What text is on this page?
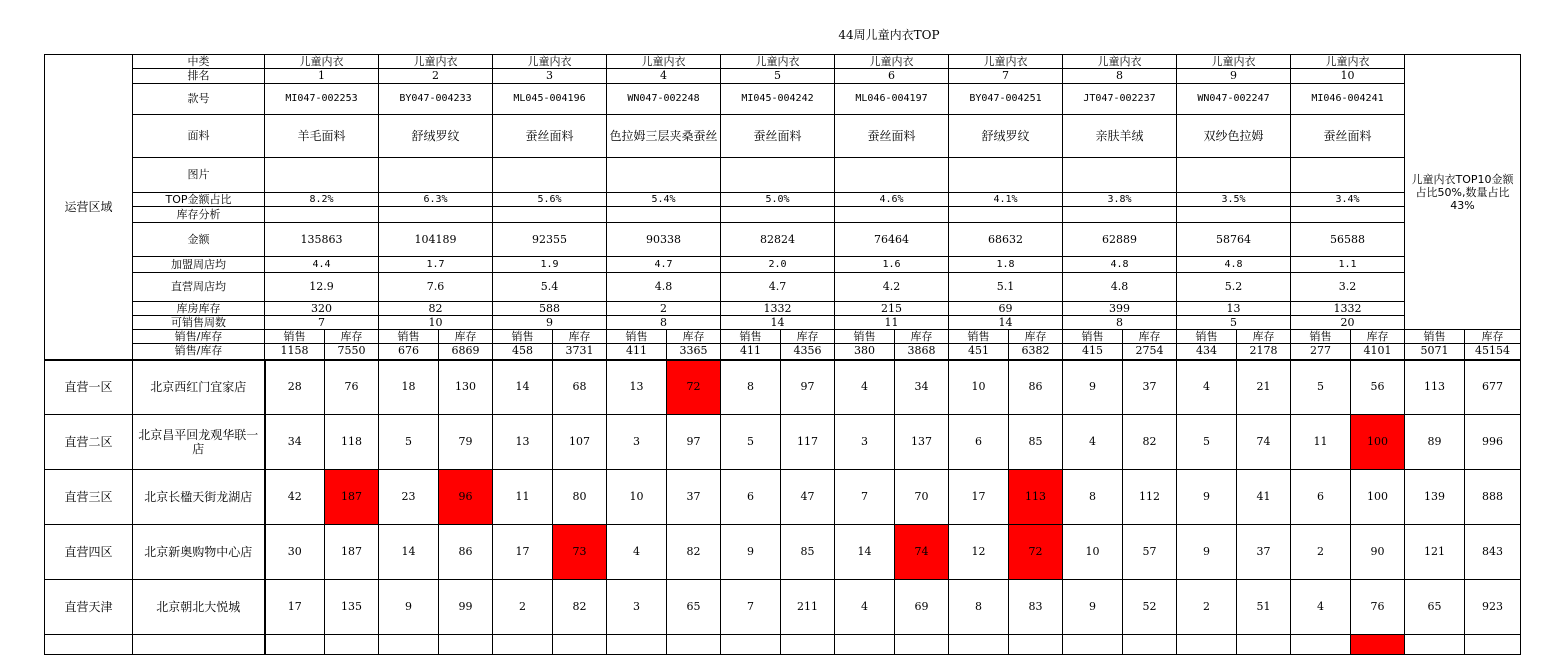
44周儿童内衣TOP
运营区域	中类	儿童内衣		儿童内衣		儿童内衣		儿童内衣		儿童内衣		儿童内衣		儿童内衣		儿童内衣		儿童内衣		儿童内衣		儿童内衣TOP10金额占比50%,数量占比43%	
	排名	1		2		3		4		5		6		7		8		9		10			
	款号	MI047-002253		BY047-004233		ML045-004196		WN047-002248		MI045-004242		ML046-004197		BY047-004251		JT047-002237		WN047-002247		MI046-004241			
	面料	羊毛面料		舒绒罗纹		蚕丝面料		色拉姆三层夹桑蚕丝		蚕丝面料		蚕丝面料		舒绒罗纹		亲肤羊绒		双纱色拉姆		蚕丝面料			
	图片																						
	TOP金额占比	8.2%		6.3%		5.6%		5.4%		5.0%		4.6%		4.1%		3.8%		3.5%		3.4%			
	库存分析																						
	金额	135863		104189		92355		90338		82824		76464		68632		62889		58764		56588			
	加盟周店均	4.4		1.7		1.9		4.7		2.0		1.6		1.8		4.8		4.8		1.1			
	直营周店均	12.9		7.6		5.4		4.8		4.7		4.2		5.1		4.8		5.2		3.2			
	库房库存	320		82		588		2		1332		215		69		399		13		1332			
	可销售周数	7		10		9		8		14		11		14		8		5		20			
	销售/库存	销售	库存	销售	库存	销售	库存	销售	库存	销售	库存	销售	库存	销售	库存	销售	库存	销售	库存	销售	库存	销售	库存
	销售/库存	1158	7550	676	6869	458	3731	411	3365	411	4356	380	3868	451	6382	415	2754	434	2178	277	4101	5071	45154
直营一区	北京西红门宜家店	28	76	18	130	14	68	13	72	8	97	4	34	10	86	9	37	4	21	5	56	113	677
直营二区	北京昌平回龙观华联一店	34	118	5	79	13	107	3	97	5	117	3	137	6	85	4	82	5	74	11	100	89	996
直营三区	北京长楹天街龙湖店	42	187	23	96	11	80	10	37	6	47	7	70	17	113	8	112	9	41	6	100	139	888
直营四区	北京新奥购物中心店	30	187	14	86	17	73	4	82	9	85	14	74	12	72	10	57	9	37	2	90	121	843
直营天津	北京朝北大悦城	17	135	9	99	2	82	3	65	7	211	4	69	8	83	9	52	2	51	4	76	65	923
